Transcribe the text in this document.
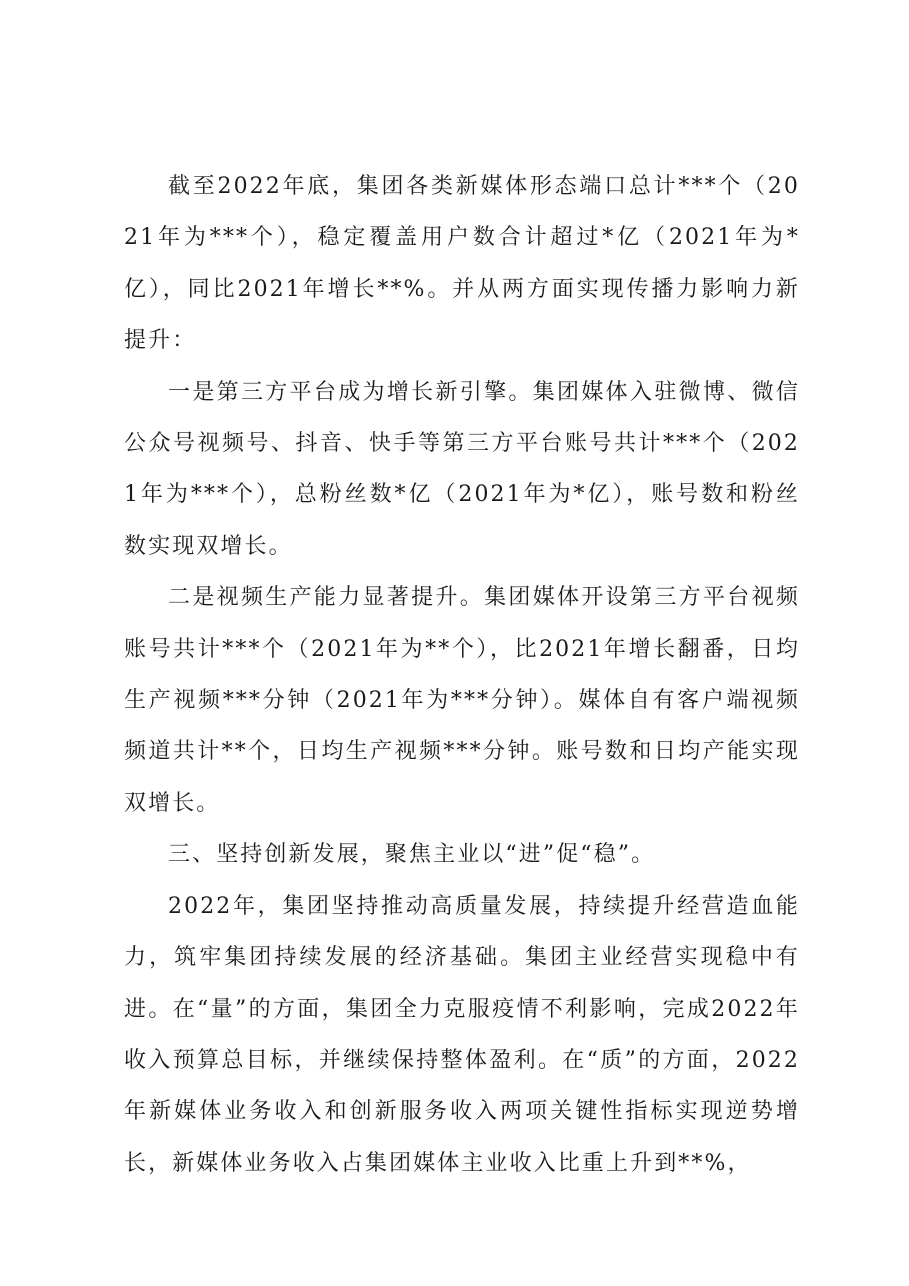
截至2022年底，集团各类新媒体形态端口总计***个（2021年为***个），稳定覆盖用户数合计超过*亿（2021年为*亿），同比2021年增长**%。并从两方面实现传播力影响力新提升：

一是第三方平台成为增长新引擎。集团媒体入驻微博、微信公众号视频号、抖音、快手等第三方平台账号共计***个（2021年为***个），总粉丝数*亿（2021年为*亿），账号数和粉丝数实现双增长。

二是视频生产能力显著提升。集团媒体开设第三方平台视频账号共计***个（2021年为**个），比2021年增长翻番，日均生产视频***分钟（2021年为***分钟）。媒体自有客户端视频频道共计**个，日均生产视频***分钟。账号数和日均产能实现双增长。

三、坚持创新发展，聚焦主业以“进”促“稳”。

2022年，集团坚持推动高质量发展，持续提升经营造血能力，筑牢集团持续发展的经济基础。集团主业经营实现稳中有进。在“量”的方面，集团全力克服疫情不利影响，完成2022年收入预算总目标，并继续保持整体盈利。在“质”的方面，2022年新媒体业务收入和创新服务收入两项关键性指标实现逆势增长，新媒体业务收入占集团媒体主业收入比重上升到**%，
